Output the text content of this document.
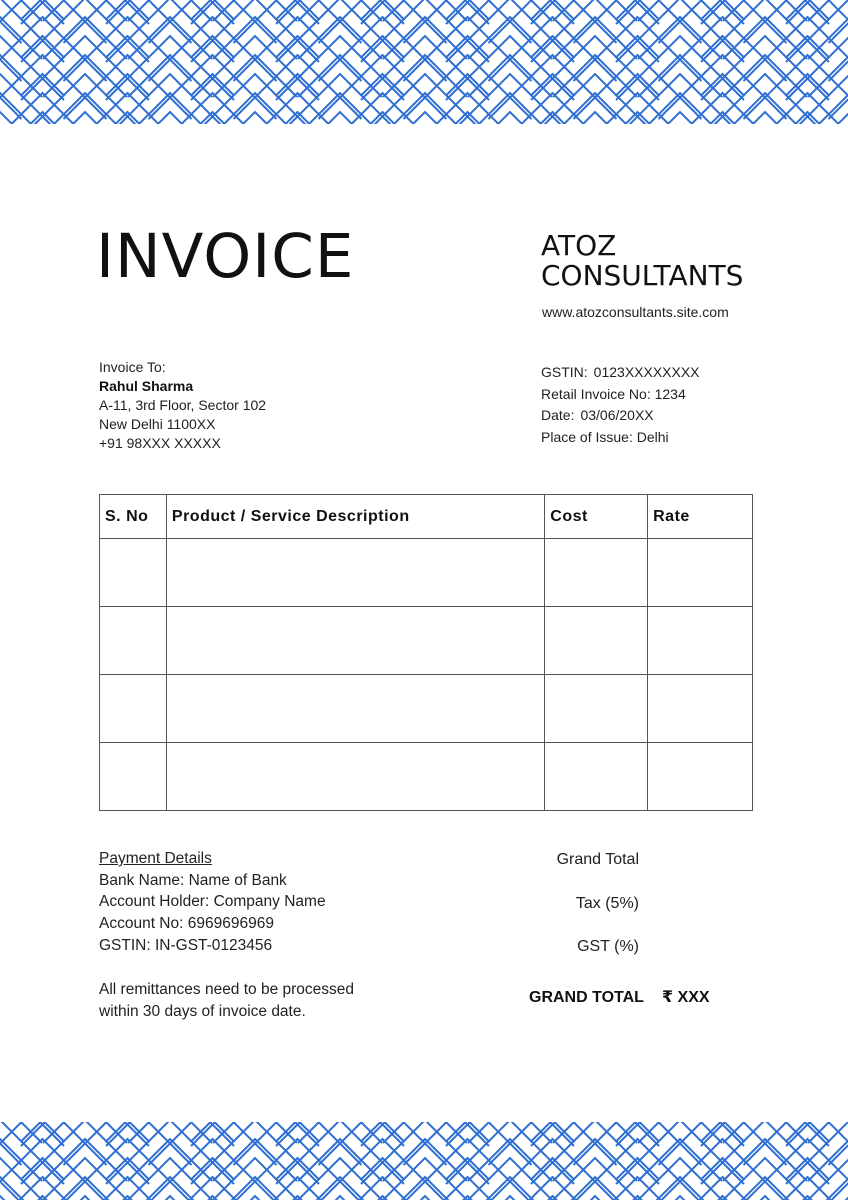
INVOICE	ATOZ
CONSULTANTS
www.atozconsultants.site.com
Invoice To:
Rahul Sharma
A-11, 3rd Floor, Sector 102
New Delhi 1100XX
+91 98XXX XXXXX
GSTIN: 0123XXXXXXXX
Retail Invoice No: 1234
Date: 03/06/20XX
Place of Issue: Delhi
S. No	Product / Service Description	Cost	Rate

Payment Details
Bank Name: Name of Bank
Account Holder: Company Name
Account No: 6969696969
GSTIN: IN-GST-0123456
All remittances need to be processed
within 30 days of invoice date.
Grand Total
Tax (5%)
GST (%)
GRAND TOTAL ₹ XXX
